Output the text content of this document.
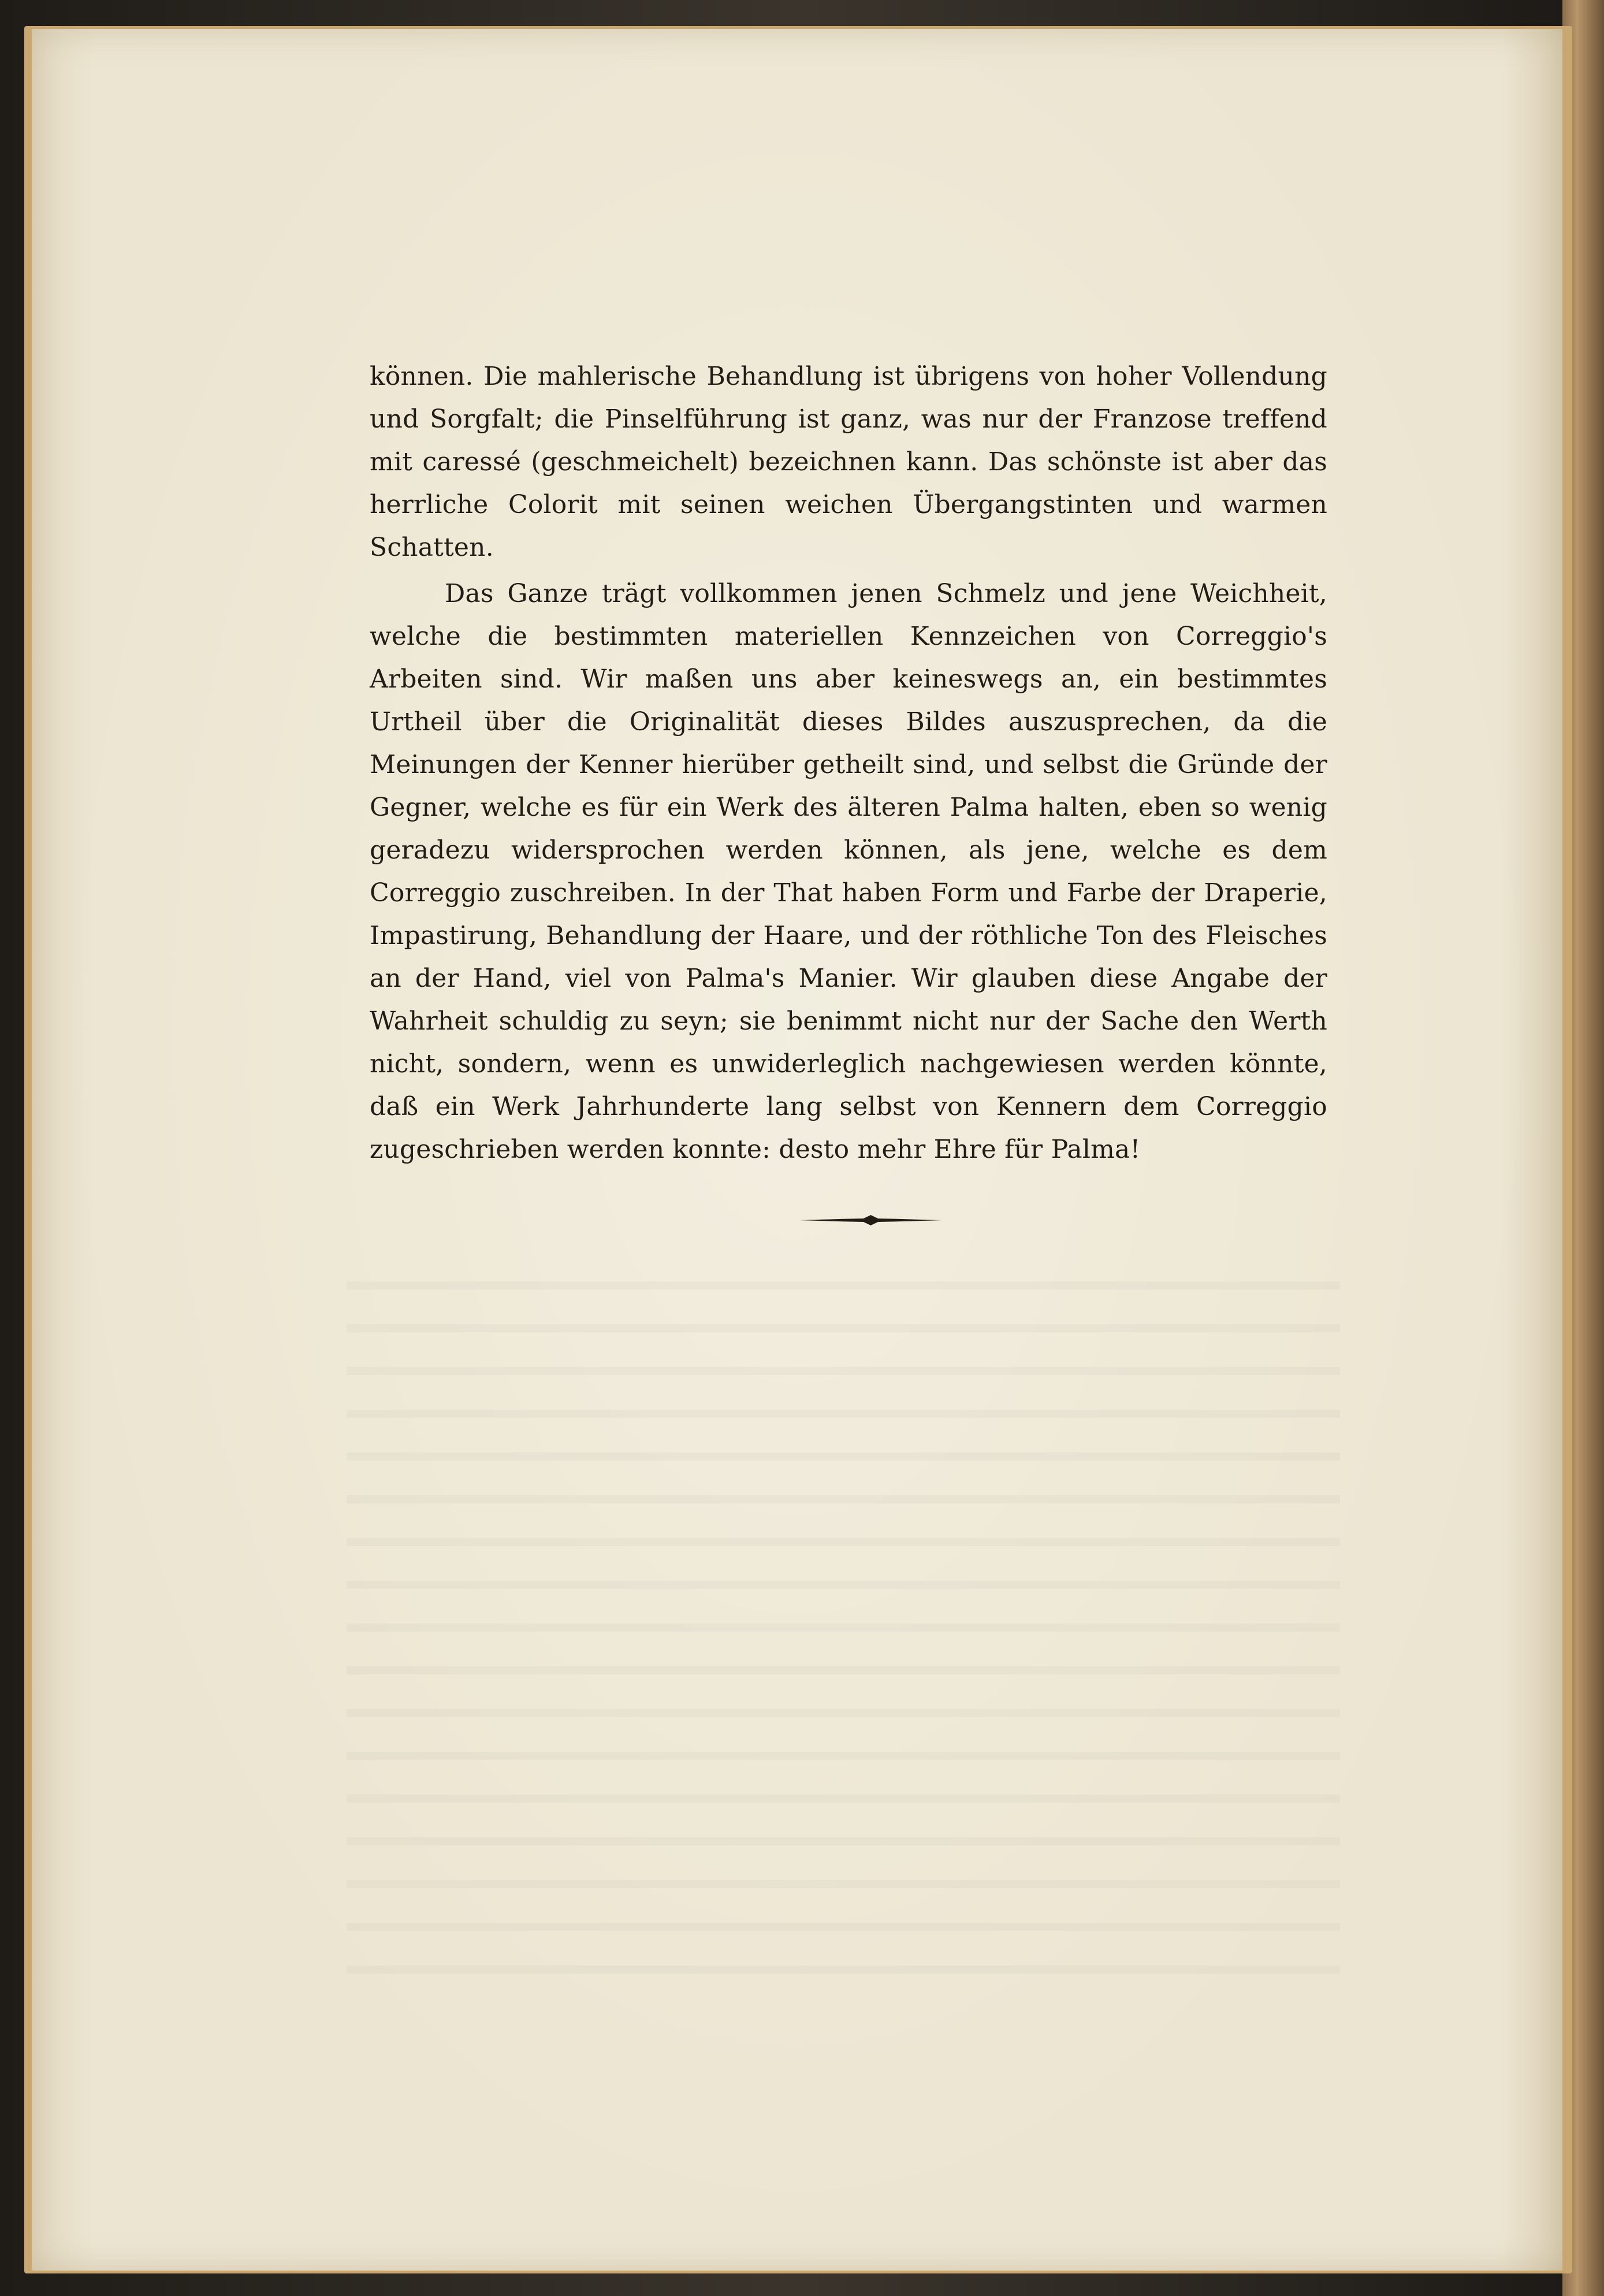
können. Die mahlerische Behandlung ist übrigens von hoher Vollendung und Sorgfalt; die Pinselführung ist ganz, was nur der Franzose treffend mit caressé (geschmeichelt) bezeichnen kann. Das schönste ist aber das herrliche Colorit mit seinen weichen Übergangstinten und warmen Schatten.

Das Ganze trägt vollkommen jenen Schmelz und jene Weichheit, welche die bestimmten materiellen Kennzeichen von Correggio's Arbeiten sind. Wir maßen uns aber keineswegs an, ein bestimmtes Urtheil über die Originalität dieses Bildes auszusprechen, da die Meinungen der Kenner hierüber getheilt sind, und selbst die Gründe der Gegner, welche es für ein Werk des älteren Palma halten, eben so wenig geradezu widersprochen werden können, als jene, welche es dem Correggio zuschreiben. In der That haben Form und Farbe der Draperie, Impastirung, Behandlung der Haare, und der röthliche Ton des Fleisches an der Hand, viel von Palma's Manier. Wir glauben diese Angabe der Wahrheit schuldig zu seyn; sie benimmt nicht nur der Sache den Werth nicht, sondern, wenn es unwiderleglich nachgewiesen werden könnte, daß ein Werk Jahrhunderte lang selbst von Kennern dem Correggio zugeschrieben werden konnte: desto mehr Ehre für Palma!
